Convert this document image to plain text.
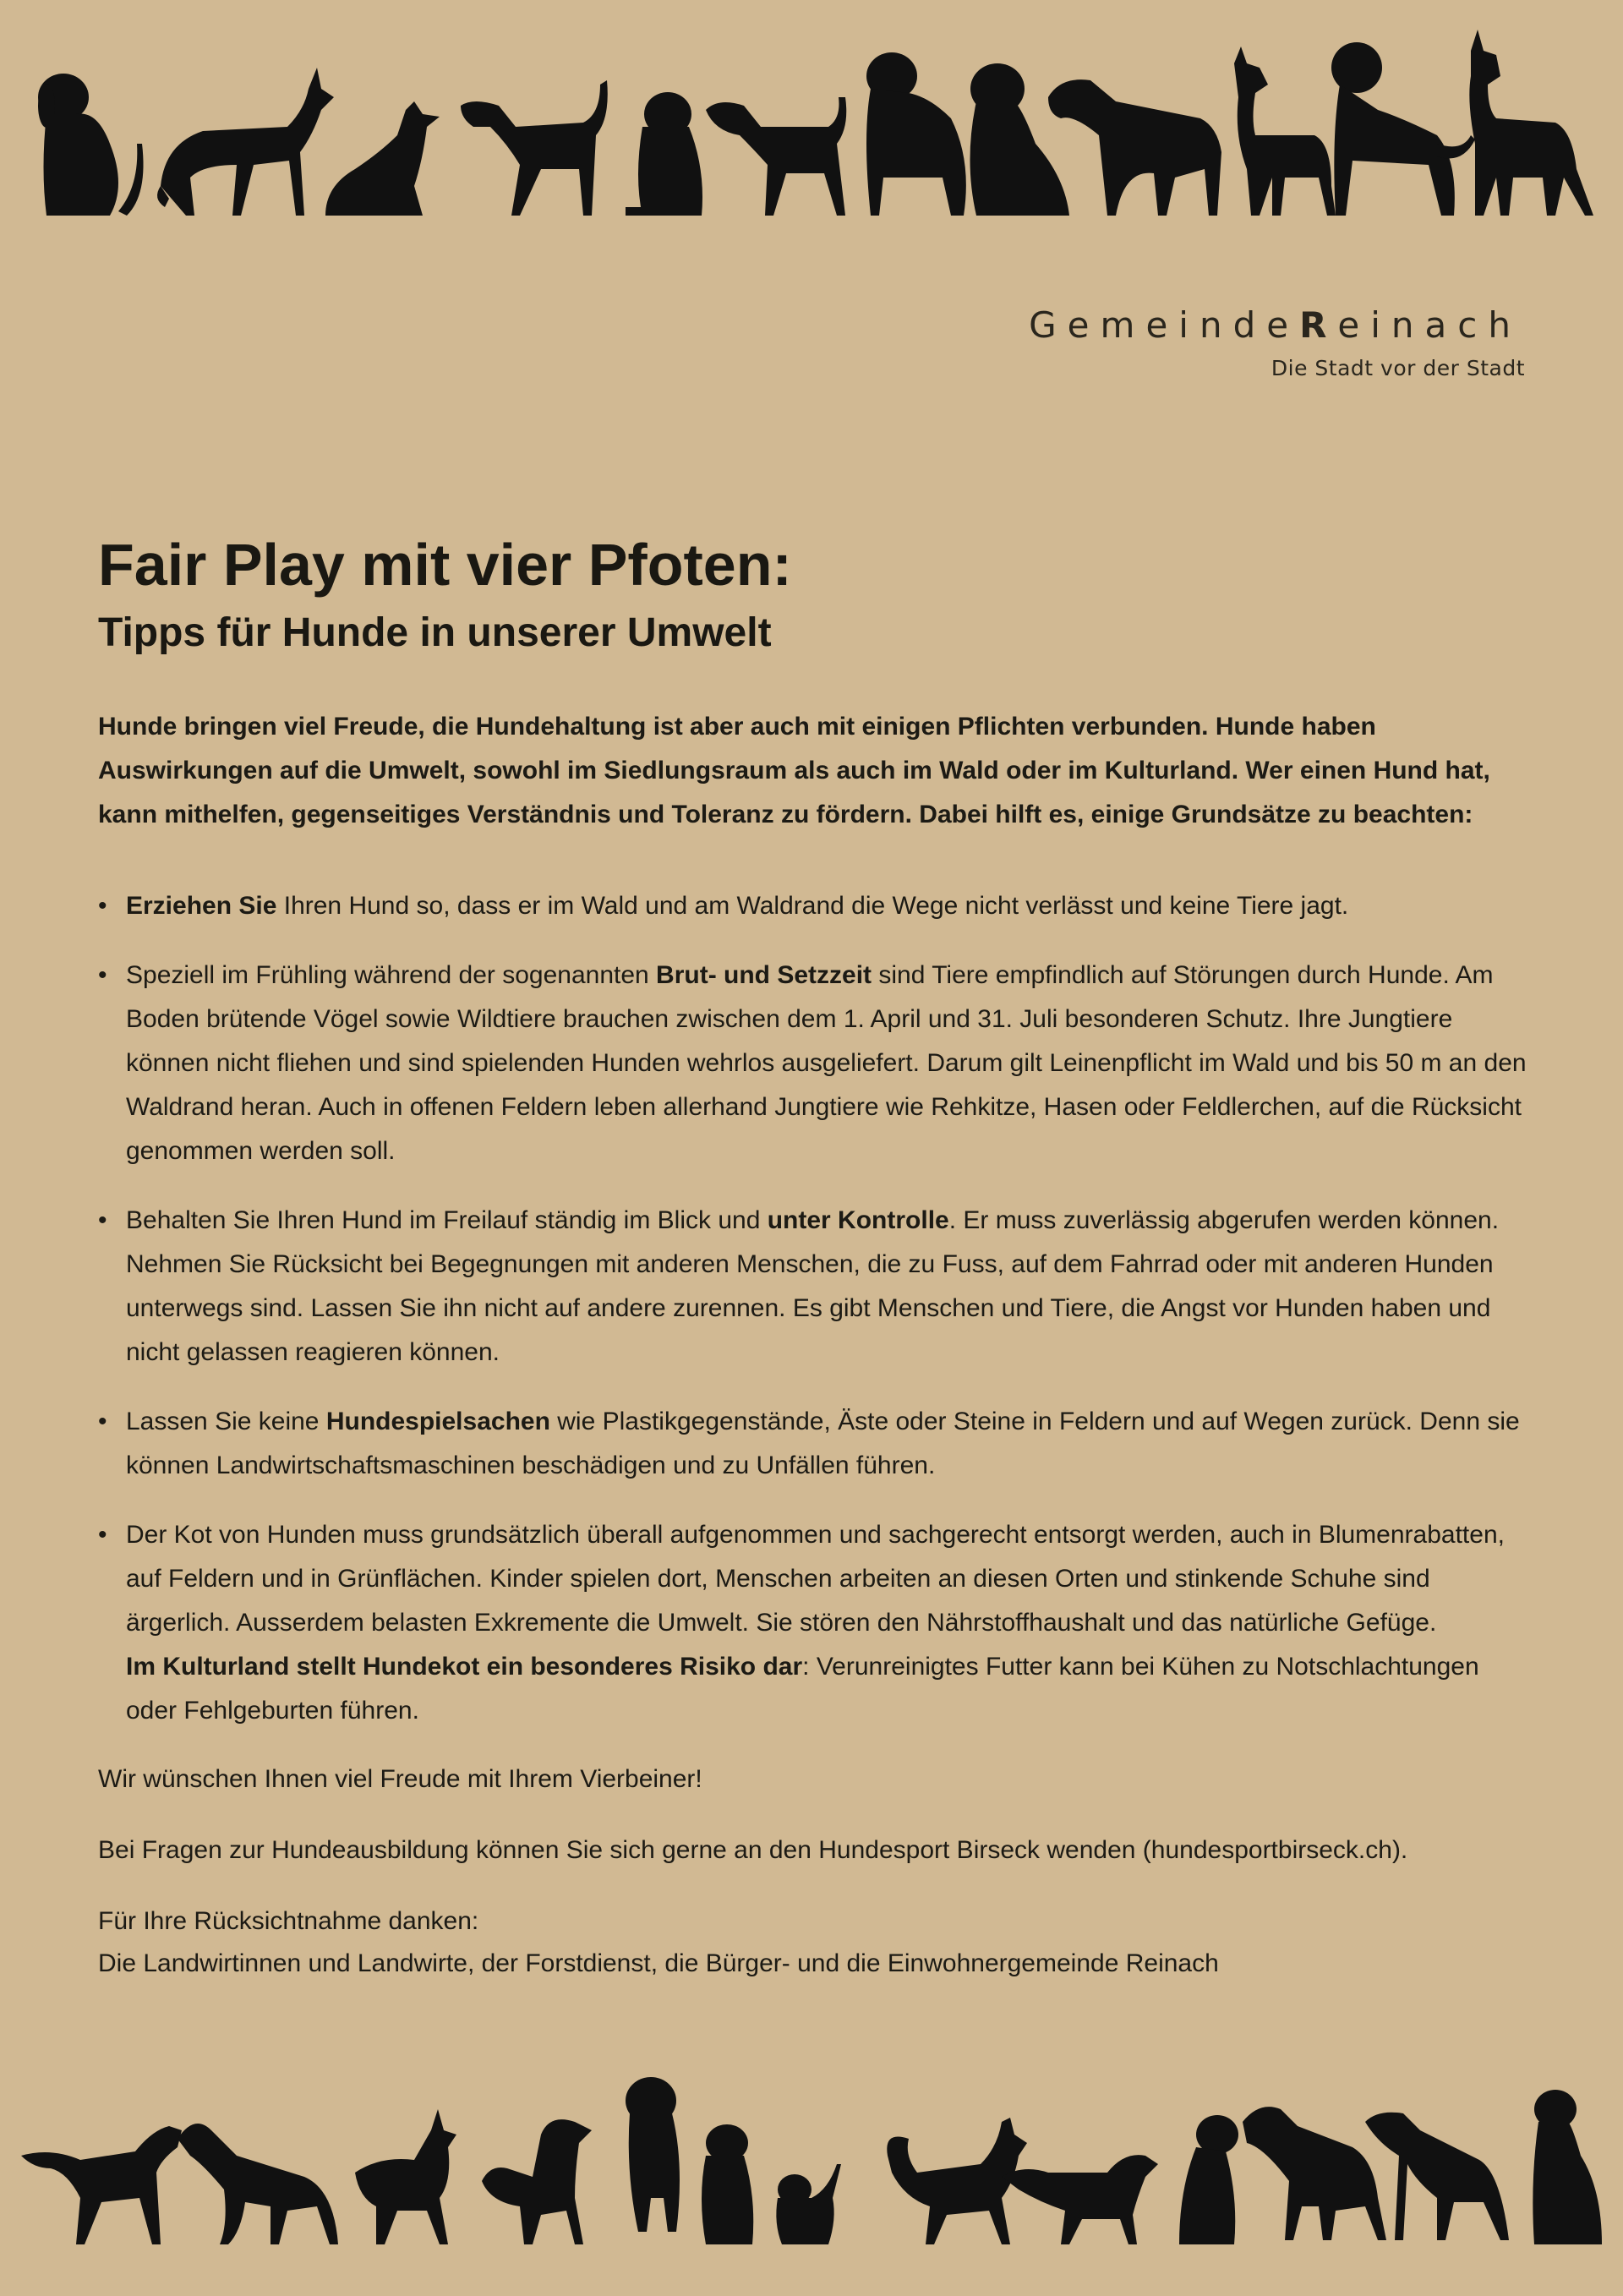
GemeindeReinach
Die Stadt vor der Stadt
Fair Play mit vier Pfoten:
Tipps für Hunde in unserer Umwelt

Hunde bringen viel Freude, die Hundehaltung ist aber auch mit einigen Pflichten verbunden. Hunde haben Auswirkungen auf die Umwelt, sowohl im Siedlungsraum als auch im Wald oder im Kulturland. Wer einen Hund hat, kann mithelfen, gegenseitiges Verständnis und Toleranz zu fördern. Dabei hilft es, einige Grundsätze zu beachten:

• Erziehen Sie Ihren Hund so, dass er im Wald und am Waldrand die Wege nicht verlässt und keine Tiere jagt.
• Speziell im Frühling während der sogenannten Brut- und Setzzeit sind Tiere empfindlich auf Störungen durch Hunde. Am Boden brütende Vögel sowie Wildtiere brauchen zwischen dem 1. April und 31. Juli besonderen Schutz. Ihre Jungtiere können nicht fliehen und sind spielenden Hunden wehrlos ausgeliefert. Darum gilt Leinenpflicht im Wald und bis 50 m an den Waldrand heran. Auch in offenen Feldern leben allerhand Jungtiere wie Rehkitze, Hasen oder Feldlerchen, auf die Rücksicht genommen werden soll.
• Behalten Sie Ihren Hund im Freilauf ständig im Blick und unter Kontrolle. Er muss zuverlässig abgerufen werden können. Nehmen Sie Rücksicht bei Begegnungen mit anderen Menschen, die zu Fuss, auf dem Fahrrad oder mit anderen Hunden unterwegs sind. Lassen Sie ihn nicht auf andere zurennen. Es gibt Menschen und Tiere, die Angst vor Hunden haben und nicht gelassen reagieren können.
• Lassen Sie keine Hundespielsachen wie Plastikgegenstände, Äste oder Steine in Feldern und auf Wegen zurück. Denn sie können Landwirtschaftsmaschinen beschädigen und zu Unfällen führen.
• Der Kot von Hunden muss grundsätzlich überall aufgenommen und sachgerecht entsorgt werden, auch in Blumenrabatten, auf Feldern und in Grünflächen. Kinder spielen dort, Menschen arbeiten an diesen Orten und stinkende Schuhe sind ärgerlich. Ausserdem belasten Exkremente die Umwelt. Sie stören den Nährstoffhaushalt und das natürliche Gefüge.
Im Kulturland stellt Hundekot ein besonderes Risiko dar: Verunreinigtes Futter kann bei Kühen zu Notschlachtungen oder Fehlgeburten führen.

Wir wünschen Ihnen viel Freude mit Ihrem Vierbeiner!

Bei Fragen zur Hundeausbildung können Sie sich gerne an den Hundesport Birseck wenden (hundesportbirseck.ch).

Für Ihre Rücksichtnahme danken:
Die Landwirtinnen und Landwirte, der Forstdienst, die Bürger- und die Einwohnergemeinde Reinach
